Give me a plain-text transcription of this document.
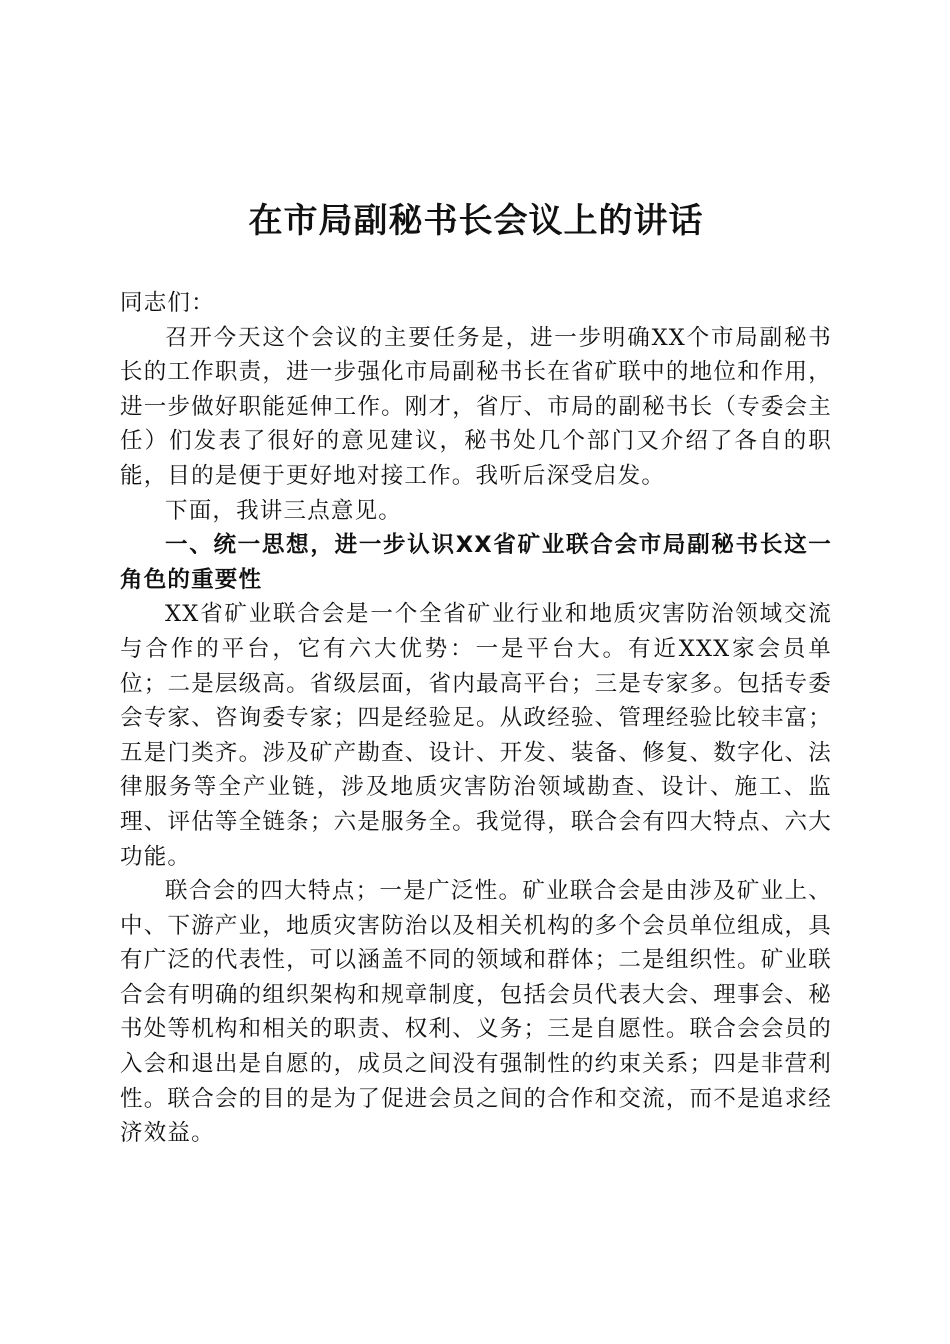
在市局副秘书长会议上的讲话

同志们：

召开今天这个会议的主要任务是，进一步明确XX个市局副秘书长的工作职责，进一步强化市局副秘书长在省矿联中的地位和作用，进一步做好职能延伸工作。刚才，省厅、市局的副秘书长（专委会主任）们发表了很好的意见建议，秘书处几个部门又介绍了各自的职能，目的是便于更好地对接工作。我听后深受启发。

下面，我讲三点意见。

一、统一思想，进一步认识XX省矿业联合会市局副秘书长这一角色的重要性

XX省矿业联合会是一个全省矿业行业和地质灾害防治领域交流与合作的平台，它有六大优势：一是平台大。有近XXX家会员单位；二是层级高。省级层面，省内最高平台；三是专家多。包括专委会专家、咨询委专家；四是经验足。从政经验、管理经验比较丰富；五是门类齐。涉及矿产勘查、设计、开发、装备、修复、数字化、法律服务等全产业链，涉及地质灾害防治领域勘查、设计、施工、监理、评估等全链条；六是服务全。我觉得，联合会有四大特点、六大功能。

联合会的四大特点；一是广泛性。矿业联合会是由涉及矿业上、中、下游产业，地质灾害防治以及相关机构的多个会员单位组成，具有广泛的代表性，可以涵盖不同的领域和群体；二是组织性。矿业联合会有明确的组织架构和规章制度，包括会员代表大会、理事会、秘书处等机构和相关的职责、权利、义务；三是自愿性。联合会会员的入会和退出是自愿的，成员之间没有强制性的约束关系；四是非营利性。联合会的目的是为了促进会员之间的合作和交流，而不是追求经济效益。
